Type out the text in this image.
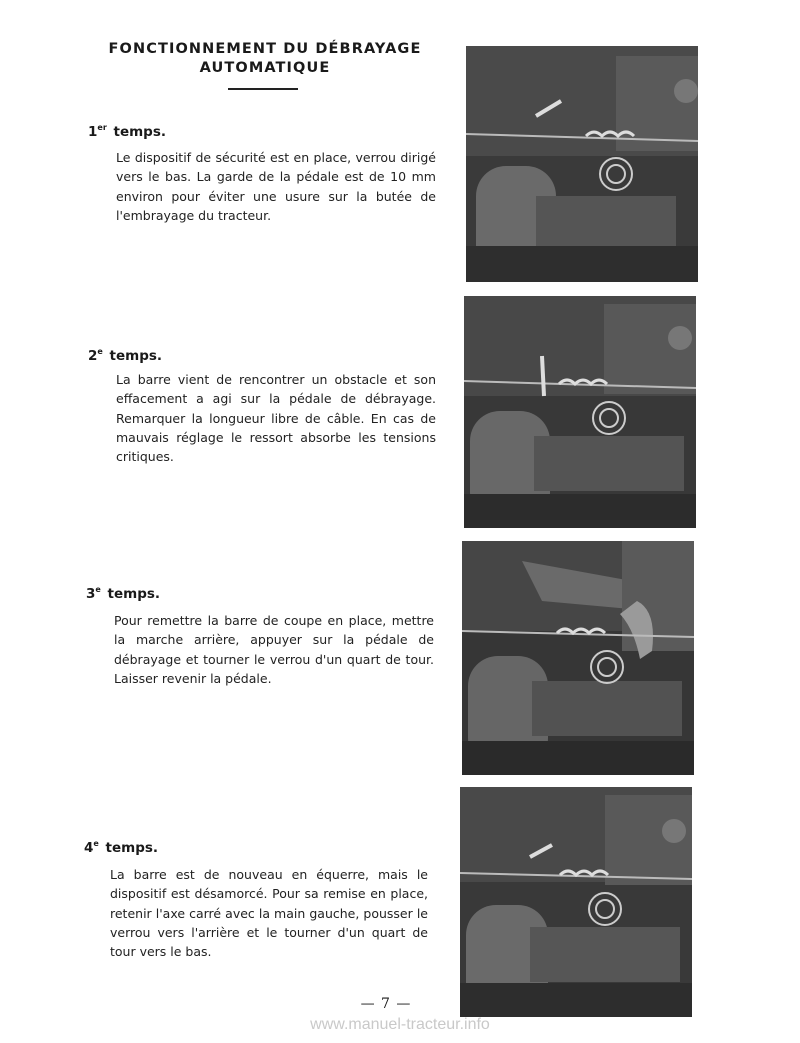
FONCTIONNEMENT DU DÉBRAYAGE
AUTOMATIQUE
1er temps.
Le dispositif de sécurité est en place, verrou dirigé vers le bas. La garde de la pédale est de 10 mm environ pour éviter une usure sur la butée de l'embrayage du tracteur.
2e temps.
La barre vient de rencontrer un obstacle et son effacement a agi sur la pédale de débrayage. Remarquer la longueur libre de câble. En cas de mauvais réglage le ressort absorbe les tensions critiques.
3e temps.
Pour remettre la barre de coupe en place, mettre la marche arrière, appuyer sur la pédale de débrayage et tourner le verrou d'un quart de tour. Laisser revenir la pédale.
4e temps.
La barre est de nouveau en équerre, mais le dispositif est désamorcé. Pour sa remise en place, retenir l'axe carré avec la main gauche, pousser le verrou vers l'arrière et le tourner d'un quart de tour vers le bas.
— 7 —
www.manuel-tracteur.info
